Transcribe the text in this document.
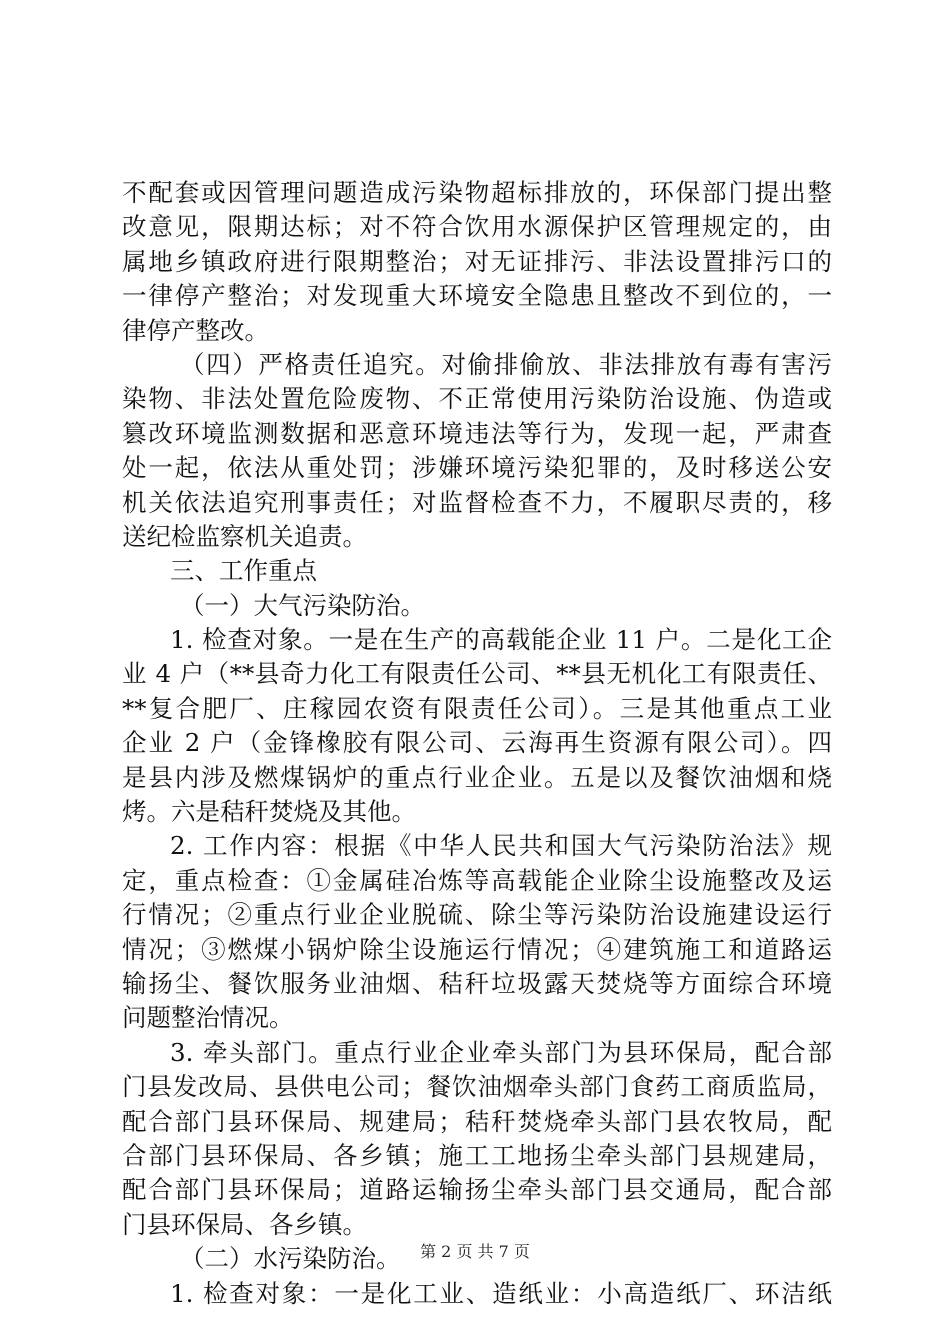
不配套或因管理问题造成污染物超标排放的，环保部门提出整
改意见，限期达标；对不符合饮用水源保护区管理规定的，由
属地乡镇政府进行限期整治；对无证排污、非法设置排污口的
一律停产整治；对发现重大环境安全隐患且整改不到位的，一
律停产整改。
（四）严格责任追究。对偷排偷放、非法排放有毒有害污
染物、非法处置危险废物、不正常使用污染防治设施、伪造或
篡改环境监测数据和恶意环境违法等行为，发现一起，严肃查
处一起，依法从重处罚；涉嫌环境污染犯罪的，及时移送公安
机关依法追究刑事责任；对监督检查不力，不履职尽责的，移
送纪检监察机关追责。
三、工作重点
（一）大气污染防治。
1. 检查对象。一是在生产的高载能企业 11 户。二是化工企
业 4 户（**县奇力化工有限责任公司、**县无机化工有限责任、
**复合肥厂、庄稼园农资有限责任公司）。三是其他重点工业
企业 2 户（金锋橡胶有限公司、云海再生资源有限公司）。四
是县内涉及燃煤锅炉的重点行业企业。五是以及餐饮油烟和烧
烤。六是秸秆焚烧及其他。
2. 工作内容：根据《中华人民共和国大气污染防治法》规
定，重点检查：①金属硅冶炼等高载能企业除尘设施整改及运
行情况；②重点行业企业脱硫、除尘等污染防治设施建设运行
情况；③燃煤小锅炉除尘设施运行情况；④建筑施工和道路运
输扬尘、餐饮服务业油烟、秸秆垃圾露天焚烧等方面综合环境
问题整治情况。
3. 牵头部门。重点行业企业牵头部门为县环保局，配合部
门县发改局、县供电公司；餐饮油烟牵头部门食药工商质监局，
配合部门县环保局、规建局；秸秆焚烧牵头部门县农牧局，配
合部门县环保局、各乡镇；施工工地扬尘牵头部门县规建局，
配合部门县环保局；道路运输扬尘牵头部门县交通局，配合部
门县环保局、各乡镇。
（二）水污染防治。
1. 检查对象：一是化工业、造纸业：小高造纸厂、环洁纸
第 2 页 共 7 页
